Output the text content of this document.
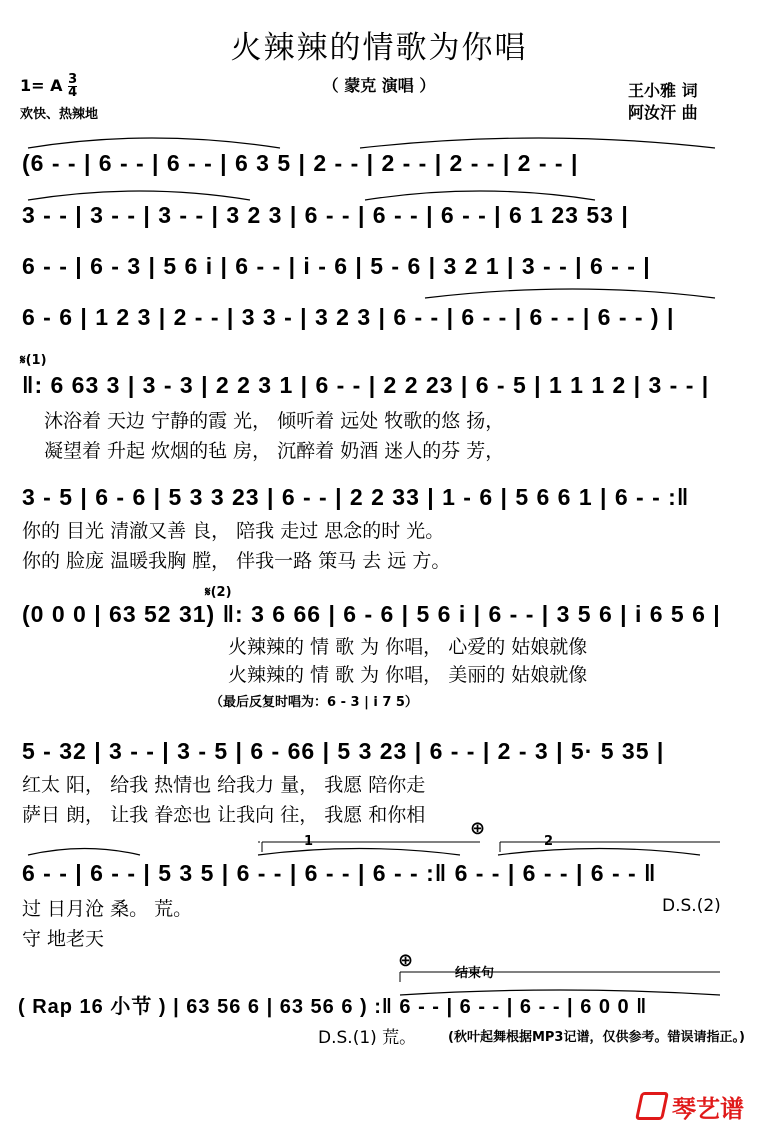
火辣辣的情歌为你唱
（ 蒙克 演唱 ）
1= A $\frac{3}{4}$
欢快、热辣地
王小雅 词
阿汝汗 曲
(6 - - | 6 - - | 6 - - | 6 3 5 | 2 - - | 2 - - | 2 - - | 2 - - |
3 - - | 3 - - | 3 - - | 3 2 3 | 6 - - | 6 - - | 6 - - | 6 1 23 53 |
6 - - | 6 - 3 | 5 6 i | 6 - - | i - 6 | 5 - 6 | 3 2 1 | 3 - - | 6 - - |
6 - 6 | 1 2 3 | 2 - - | 3 3 - | 3 2 3 | 6 - - | 6 - - | 6 - - | 6 - - ) |
𝄋(1)
‖: 6 63 3 | 3 - 3 | 2 2 3 1 | 6 - - | 2 2 23 | 6 - 5 | 1 1 1 2 | 3 - - |
沐浴着 天边 宁静的霞 光， 倾听着 远处 牧歌的悠 扬，
凝望着 升起 炊烟的毡 房， 沉醉着 奶酒 迷人的芬 芳，
3 - 5 | 6 - 6 | 5 3 3 23 | 6 - - | 2 2 33 | 1 - 6 | 5 6 6 1 | 6 - - :‖
你的 目光 清澈又善 良， 陪我 走过 思念的时 光。
你的 脸庞 温暖我胸 膛， 伴我一路 策马 去 远 方。
𝄋(2)
(0 0 0 | 63 52 31) ‖: 3 6 66 | 6 - 6 | 5 6 i | 6 - - | 3 5 6 | i 6 5 6 |
火辣辣的 情 歌 为 你唱， 心爱的 姑娘就像
火辣辣的 情 歌 为 你唱， 美丽的 姑娘就像
（最后反复时唱为：6 - 3 | i 7 5）
5 - 32 | 3 - - | 3 - 5 | 6 - 66 | 5 3 23 | 6 - - | 2 - 3 | 5· 5 35 |
红太 阳， 给我 热情也 给我力 量， 我愿 陪你走
萨日 朗， 让我 眷恋也 让我向 往， 我愿 和你相
1	2
⊕
6 - - | 6 - - | 5 3 5 | 6 - - | 6 - - | 6 - - :‖ 6 - - | 6 - - | 6 - - ‖
过 日月沧 桑。 荒。
守 地老天
D.S.(2)
⊕
结束句
( Rap 16 小节 ) | 63 56 6 | 63 56 6 ) :‖ 6 - - | 6 - - | 6 - - | 6 0 0 ‖
D.S.(1) 荒。 (秋叶起舞根据MP3记谱，仅供参考。错误请指正。)
琴艺谱
